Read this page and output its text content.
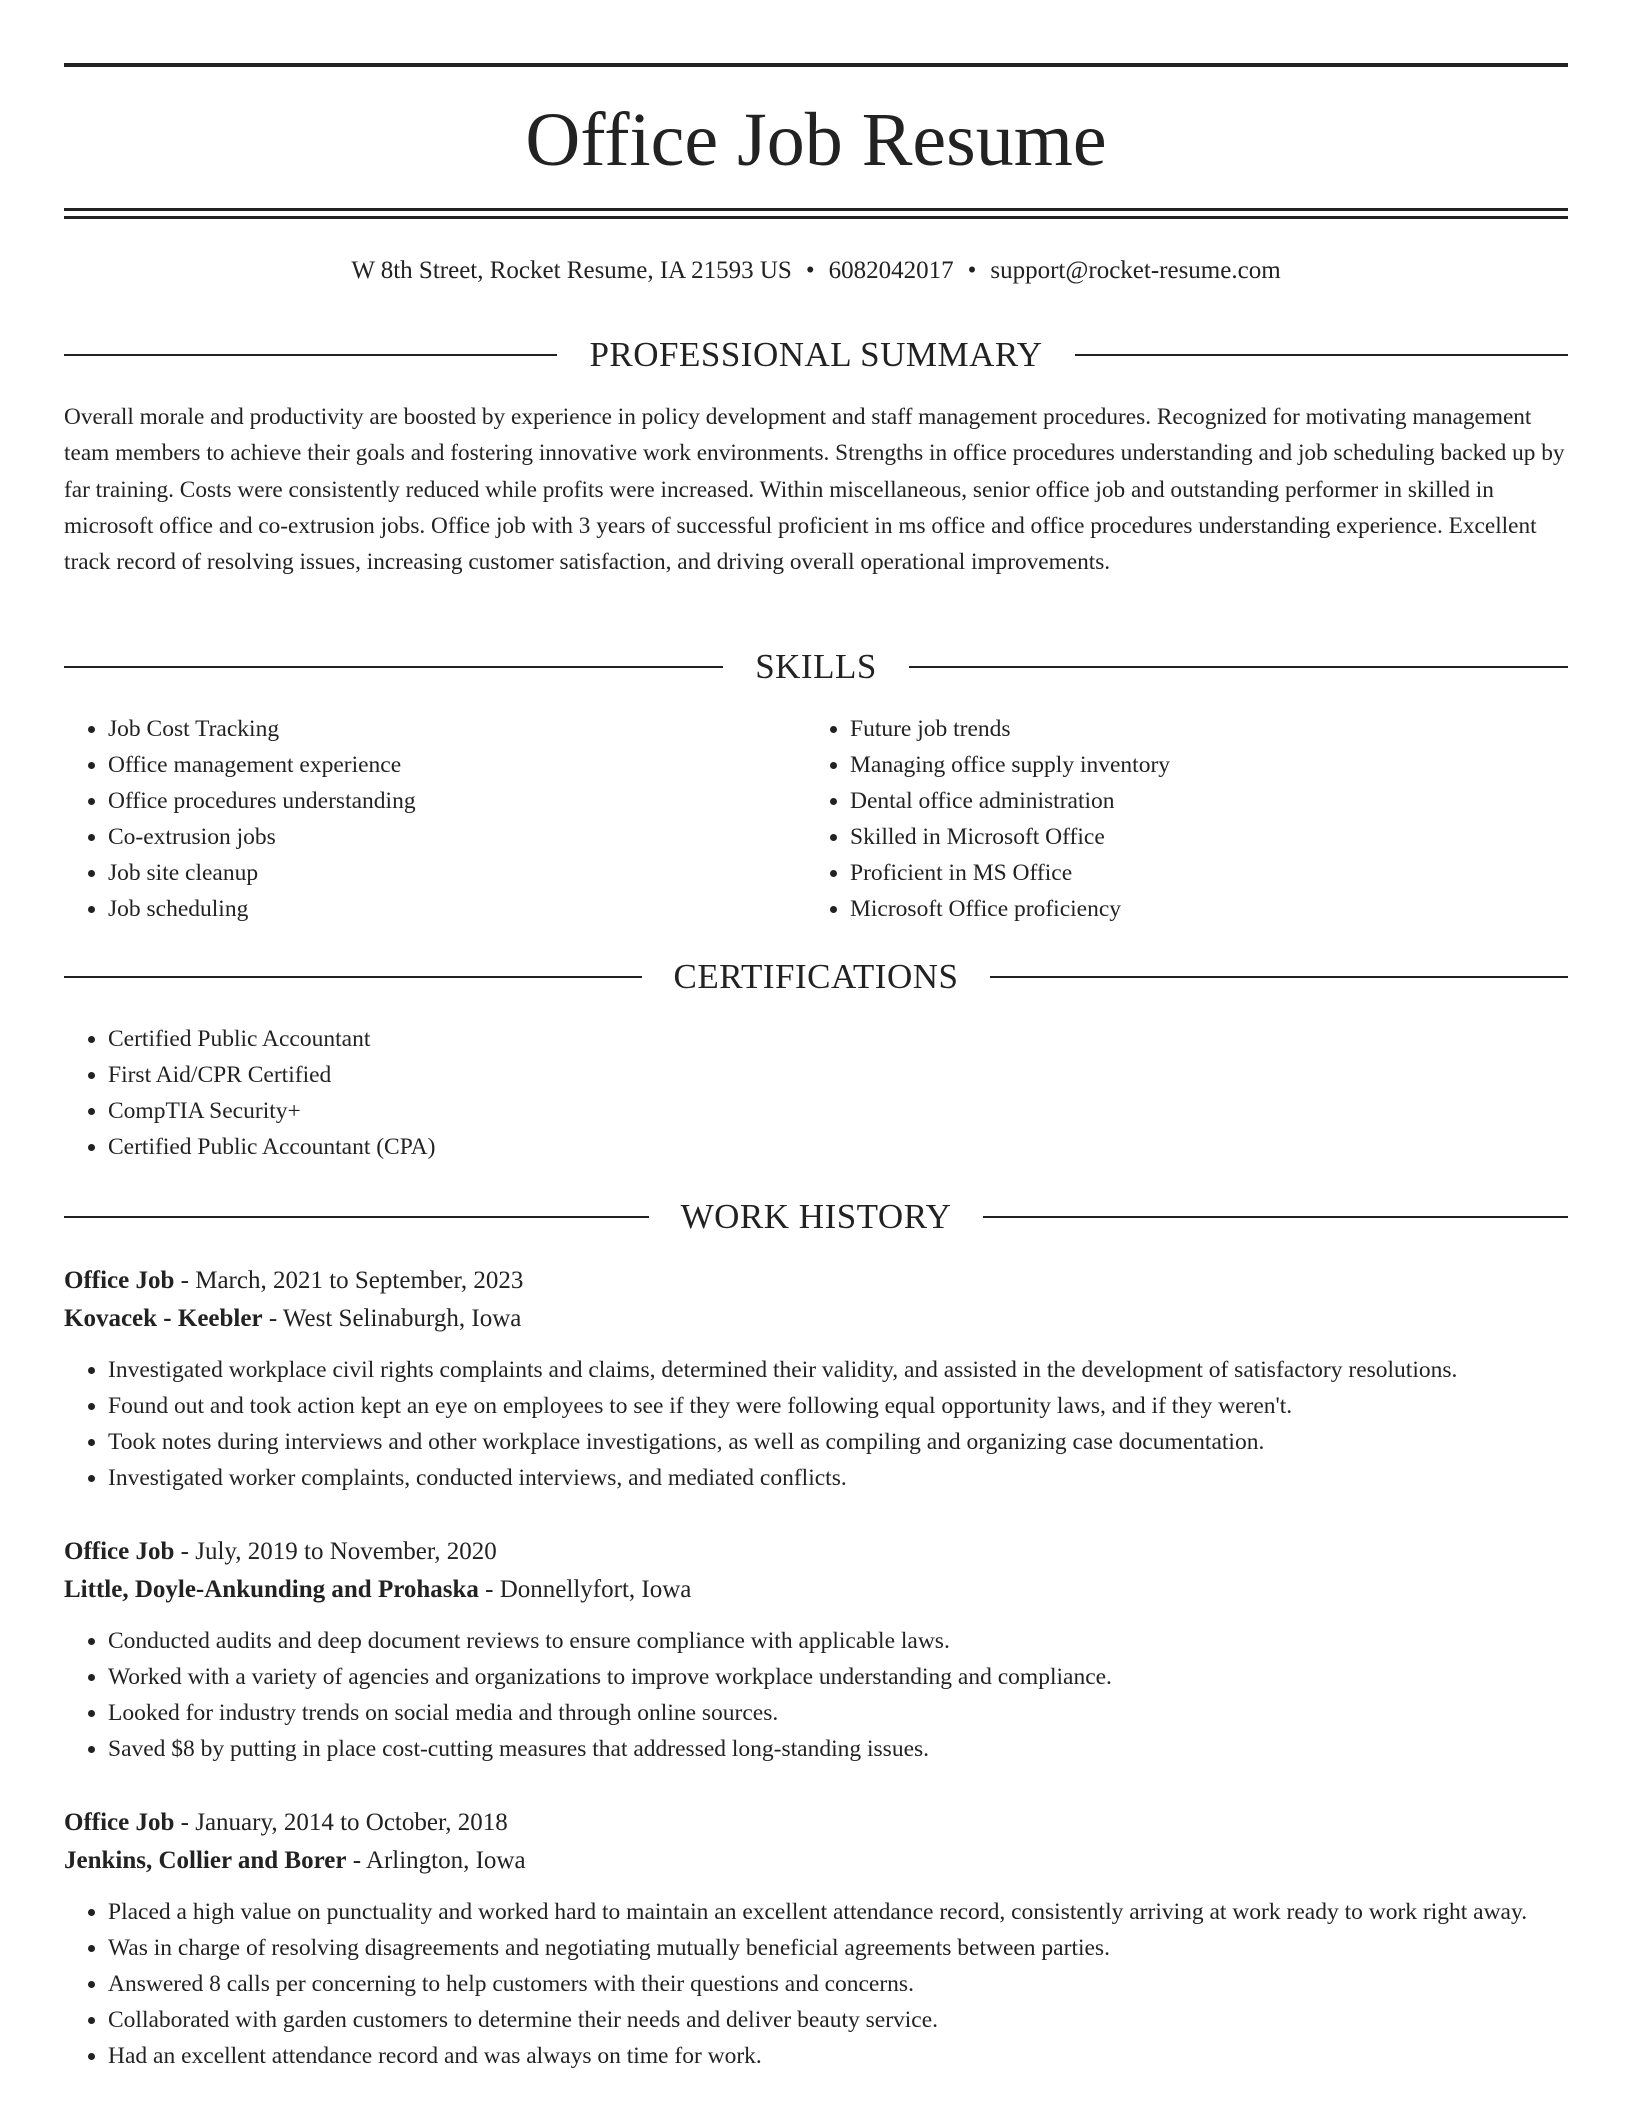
Office Job Resume
W 8th Street, Rocket Resume, IA 21593 US • 6082042017 • support@rocket-resume.com
PROFESSIONAL SUMMARY

Overall morale and productivity are boosted by experience in policy development and staff management procedures. Recognized for motivating management team members to achieve their goals and fostering innovative work environments. Strengths in office procedures understanding and job scheduling backed up by far training. Costs were consistently reduced while profits were increased. Within miscellaneous, senior office job and outstanding performer in skilled in microsoft office and co-extrusion jobs. Office job with 3 years of successful proficient in ms office and office procedures understanding experience. Excellent track record of resolving issues, increasing customer satisfaction, and driving overall operational improvements.

SKILLS
• Job Cost Tracking
• Office management experience
• Office procedures understanding
• Co-extrusion jobs
• Job site cleanup
• Job scheduling
• Future job trends
• Managing office supply inventory
• Dental office administration
• Skilled in Microsoft Office
• Proficient in MS Office
• Microsoft Office proficiency
CERTIFICATIONS
• Certified Public Accountant
• First Aid/CPR Certified
• CompTIA Security+
• Certified Public Accountant (CPA)
WORK HISTORY
Office Job - March, 2021 to September, 2023
Kovacek - Keebler - West Selinaburgh, Iowa
• Investigated workplace civil rights complaints and claims, determined their validity, and assisted in the development of satisfactory resolutions.
• Found out and took action kept an eye on employees to see if they were following equal opportunity laws, and if they weren't.
• Took notes during interviews and other workplace investigations, as well as compiling and organizing case documentation.
• Investigated worker complaints, conducted interviews, and mediated conflicts.
Office Job - July, 2019 to November, 2020
Little, Doyle-Ankunding and Prohaska - Donnellyfort, Iowa
• Conducted audits and deep document reviews to ensure compliance with applicable laws.
• Worked with a variety of agencies and organizations to improve workplace understanding and compliance.
• Looked for industry trends on social media and through online sources.
• Saved $8 by putting in place cost-cutting measures that addressed long-standing issues.
Office Job - January, 2014 to October, 2018
Jenkins, Collier and Borer - Arlington, Iowa
• Placed a high value on punctuality and worked hard to maintain an excellent attendance record, consistently arriving at work ready to work right away.
• Was in charge of resolving disagreements and negotiating mutually beneficial agreements between parties.
• Answered 8 calls per concerning to help customers with their questions and concerns.
• Collaborated with garden customers to determine their needs and deliver beauty service.
• Had an excellent attendance record and was always on time for work.
